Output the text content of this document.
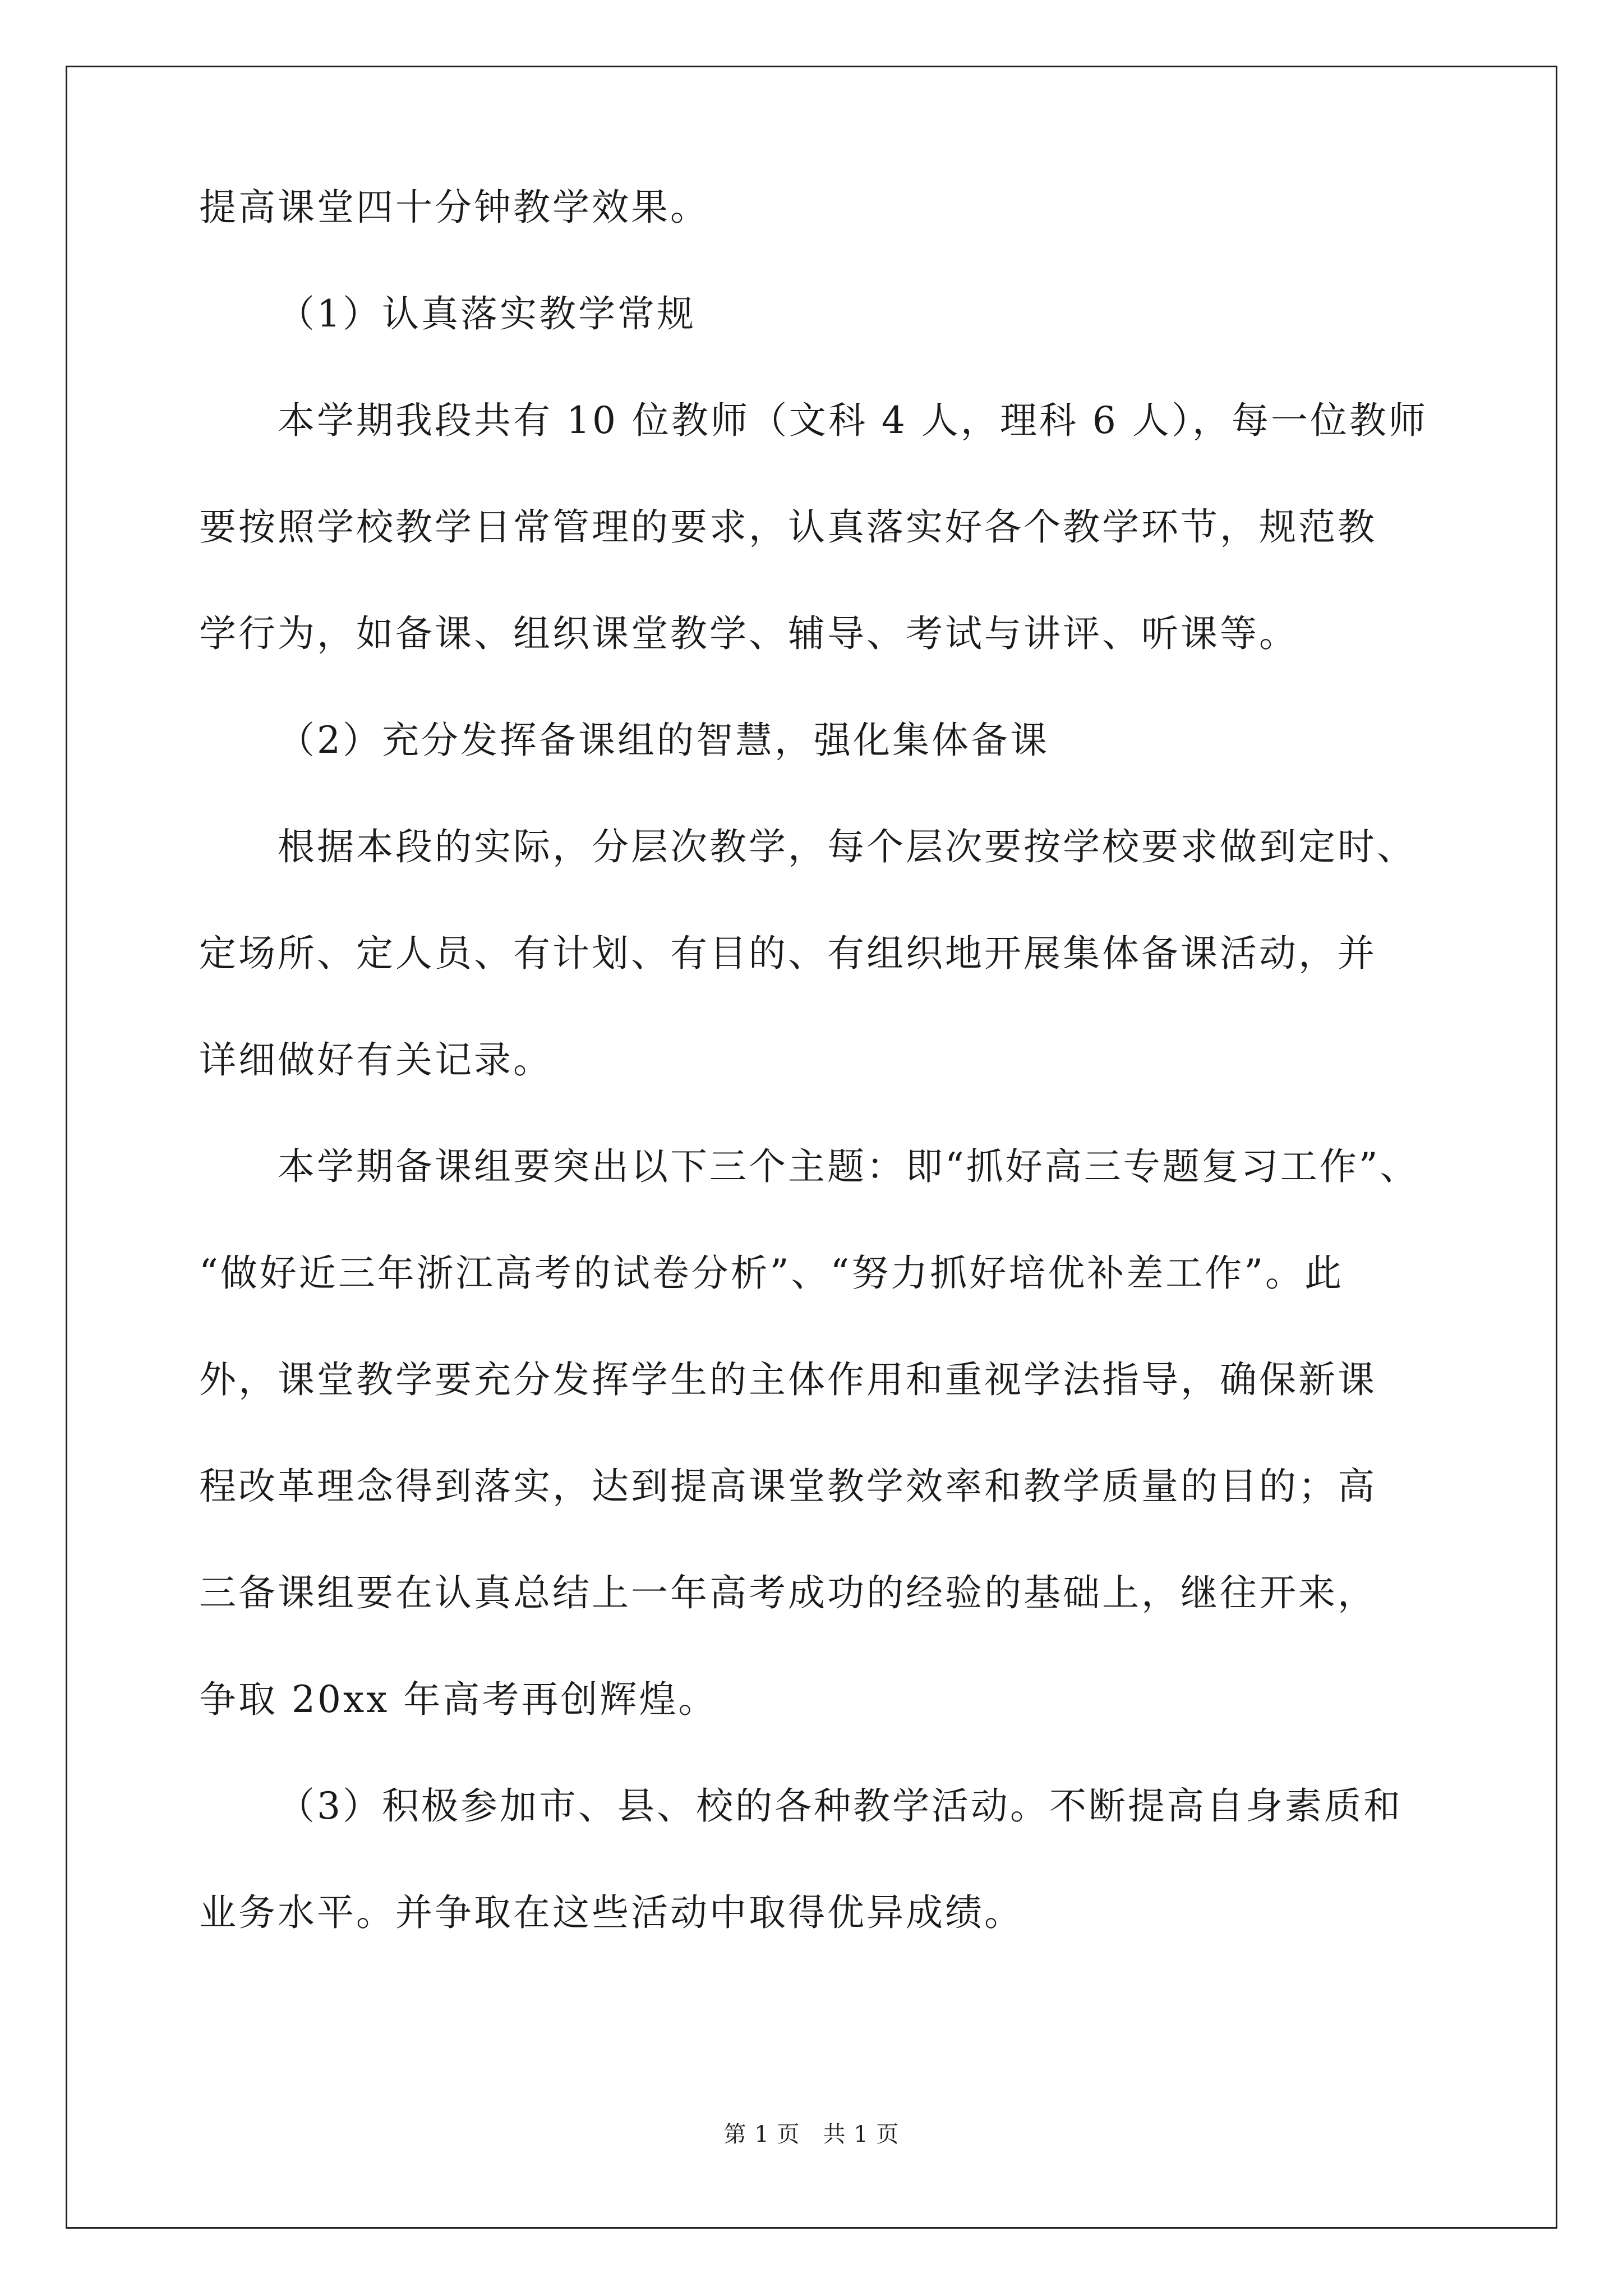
提高课堂四十分钟教学效果。
（1）认真落实教学常规
本学期我段共有 10 位教师（文科 4 人，理科 6 人），每一位教师
要按照学校教学日常管理的要求，认真落实好各个教学环节，规范教
学行为，如备课、组织课堂教学、辅导、考试与讲评、听课等。
（2）充分发挥备课组的智慧，强化集体备课
根据本段的实际，分层次教学，每个层次要按学校要求做到定时、
定场所、定人员、有计划、有目的、有组织地开展集体备课活动，并
详细做好有关记录。
本学期备课组要突出以下三个主题：即“抓好高三专题复习工作”、
“做好近三年浙江高考的试卷分析”、“努力抓好培优补差工作”。此
外，课堂教学要充分发挥学生的主体作用和重视学法指导，确保新课
程改革理念得到落实，达到提高课堂教学效率和教学质量的目的；高
三备课组要在认真总结上一年高考成功的经验的基础上，继往开来，
争取 20xx 年高考再创辉煌。
（3）积极参加市、县、校的各种教学活动。不断提高自身素质和
业务水平。并争取在这些活动中取得优异成绩。
第 1 页　共 1 页
